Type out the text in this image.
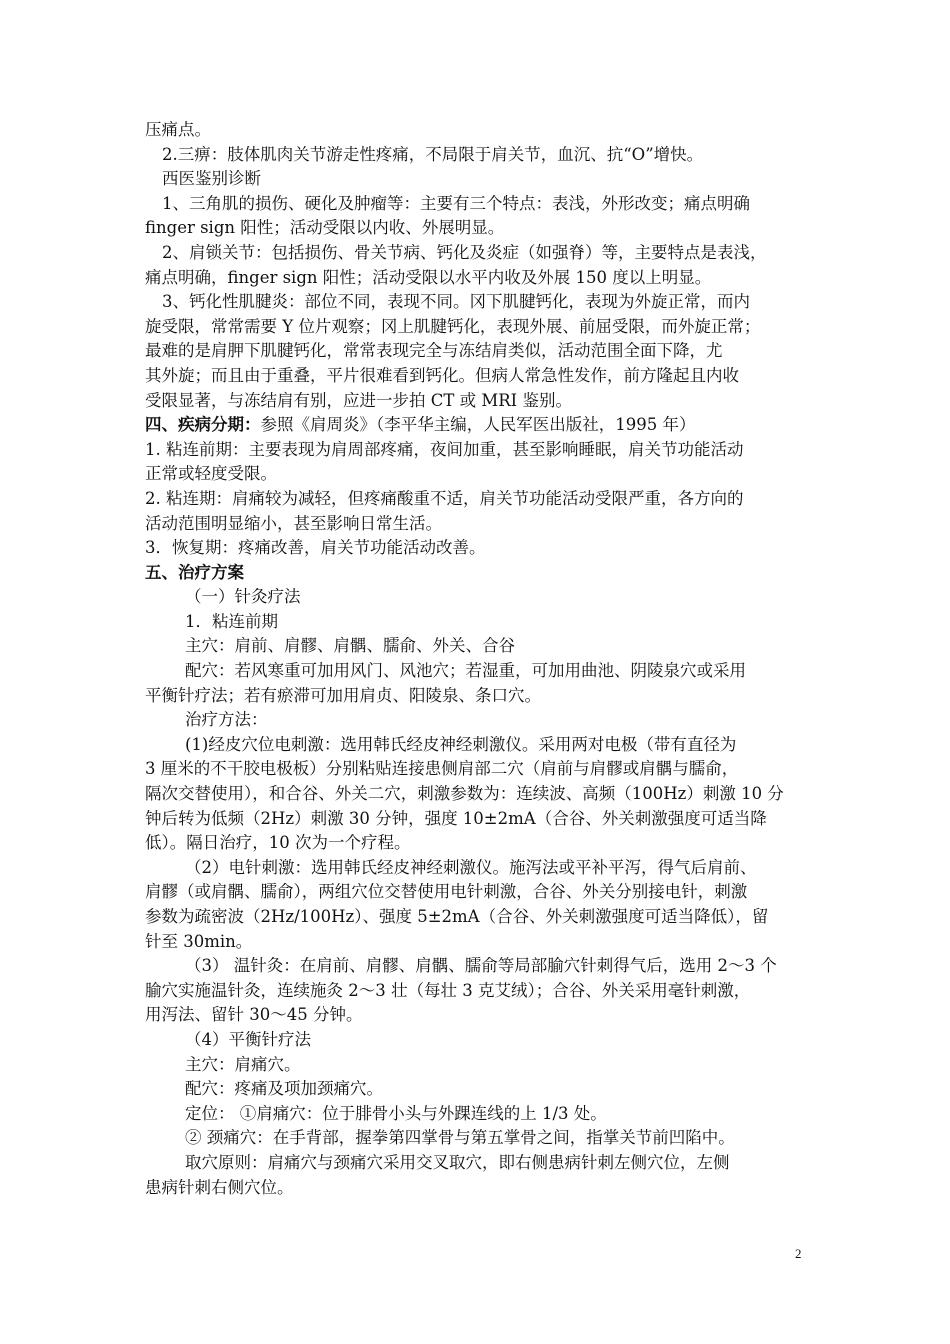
压痛点。
2.三痹：肢体肌肉关节游走性疼痛，不局限于肩关节，血沉、抗“O”增快。
西医鉴别诊断
1、三角肌的损伤、硬化及肿瘤等：主要有三个特点：表浅，外形改变；痛点明确
finger sign 阳性；活动受限以内收、外展明显。
2、肩锁关节：包括损伤、骨关节病、钙化及炎症（如强脊）等，主要特点是表浅，
痛点明确，finger sign 阳性；活动受限以水平内收及外展 150 度以上明显。
3、钙化性肌腱炎：部位不同，表现不同。冈下肌腱钙化，表现为外旋正常，而内
旋受限，常常需要 Y 位片观察；冈上肌腱钙化，表现外展、前屈受限，而外旋正常；
最难的是肩胛下肌腱钙化，常常表现完全与冻结肩类似，活动范围全面下降，尤
其外旋；而且由于重叠，平片很难看到钙化。但病人常急性发作，前方隆起且内收
受限显著，与冻结肩有别，应进一步拍 CT 或 MRI 鉴别。
四、疾病分期：参照《肩周炎》（李平华主编，人民军医出版社，1995 年）
1. 粘连前期：主要表现为肩周部疼痛，夜间加重，甚至影响睡眠，肩关节功能活动
正常或轻度受限。
2. 粘连期：肩痛较为减轻，但疼痛酸重不适，肩关节功能活动受限严重，各方向的
活动范围明显缩小，甚至影响日常生活。
3．恢复期：疼痛改善，肩关节功能活动改善。
五、治疗方案
（一）针灸疗法
1．粘连前期
主穴：肩前、肩髎、肩髃、臑俞、外关、合谷
配穴：若风寒重可加用风门、风池穴；若湿重，可加用曲池、阴陵泉穴或采用
平衡针疗法；若有瘀滞可加用肩贞、阳陵泉、条口穴。
治疗方法：
(1)经皮穴位电刺激：选用韩氏经皮神经刺激仪。采用两对电极（带有直径为
3 厘米的不干胶电极板）分别粘贴连接患侧肩部二穴（肩前与肩髎或肩髃与臑俞，
隔次交替使用），和合谷、外关二穴，刺激参数为：连续波、高频（100Hz）刺激 10 分
钟后转为低频（2Hz）刺激 30 分钟，强度 10±2mA（合谷、外关刺激强度可适当降
低）。隔日治疗，10 次为一个疗程。
（2）电针刺激：选用韩氏经皮神经刺激仪。施泻法或平补平泻，得气后肩前、
肩髎（或肩髃、臑俞），两组穴位交替使用电针刺激，合谷、外关分别接电针，刺激
参数为疏密波（2Hz/100Hz）、强度 5±2mA（合谷、外关刺激强度可适当降低），留
针至 30min。
（3） 温针灸：在肩前、肩髎、肩髃、臑俞等局部腧穴针刺得气后，选用 2～3 个
腧穴实施温针灸，连续施灸 2～3 壮（每壮 3 克艾绒）；合谷、外关采用毫针刺激，
用泻法、留针 30～45 分钟。
（4）平衡针疗法
主穴：肩痛穴。
配穴：疼痛及项加颈痛穴。
定位： ①肩痛穴：位于腓骨小头与外踝连线的上 1/3 处。
② 颈痛穴：在手背部，握拳第四掌骨与第五掌骨之间，指掌关节前凹陷中。
取穴原则：肩痛穴与颈痛穴采用交叉取穴，即右侧患病针刺左侧穴位，左侧
患病针刺右侧穴位。
2
